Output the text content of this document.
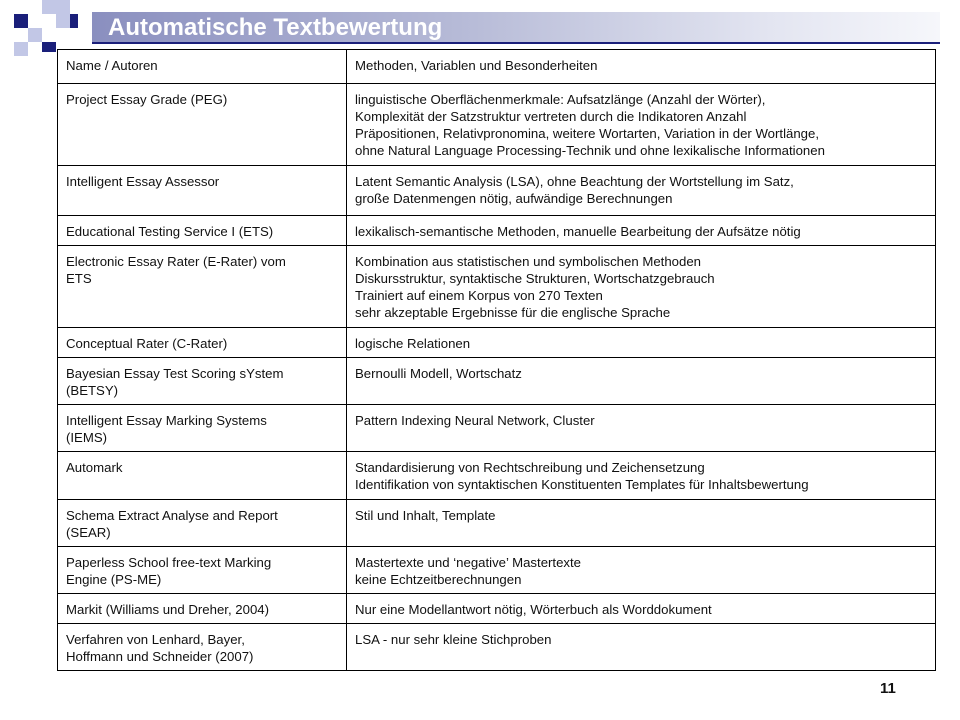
Automatische Textbewertung
Name / Autoren	Methoden, Variablen und Besonderheiten

Project Essay Grade (PEG)	linguistische Oberflächenmerkmale: Aufsatzlänge (Anzahl der Wörter),
Komplexität der Satzstruktur vertreten durch die Indikatoren Anzahl
Präpositionen, Relativpronomina, weitere Wortarten, Variation in der Wortlänge,
ohne Natural Language Processing-Technik und ohne lexikalische Informationen

Intelligent Essay Assessor	Latent Semantic Analysis (LSA), ohne Beachtung der Wortstellung im Satz,
große Datenmengen nötig, aufwändige Berechnungen

Educational Testing Service I (ETS)	lexikalisch-semantische Methoden, manuelle Bearbeitung der Aufsätze nötig

Electronic Essay Rater (E-Rater) vom
ETS	Kombination aus statistischen und symbolischen Methoden
Diskursstruktur, syntaktische Strukturen, Wortschatzgebrauch
Trainiert auf einem Korpus von 270 Texten
sehr akzeptable Ergebnisse für die englische Sprache

Conceptual Rater (C-Rater)	logische Relationen

Bayesian Essay Test Scoring sYstem
(BETSY)	Bernoulli Modell, Wortschatz

Intelligent Essay Marking Systems
(IEMS)	Pattern Indexing Neural Network, Cluster

Automark	Standardisierung von Rechtschreibung und Zeichensetzung
Identifikation von syntaktischen Konstituenten Templates für Inhaltsbewertung

Schema Extract Analyse and Report
(SEAR)	Stil und Inhalt, Template

Paperless School free-text Marking
Engine (PS-ME)	Mastertexte und ‘negative’ Mastertexte
keine Echtzeitberechnungen

Markit (Williams und Dreher, 2004)	Nur eine Modellantwort nötig, Wörterbuch als Worddokument

Verfahren von Lenhard, Bayer,
Hoffmann und Schneider (2007)	LSA - nur sehr kleine Stichproben
11
